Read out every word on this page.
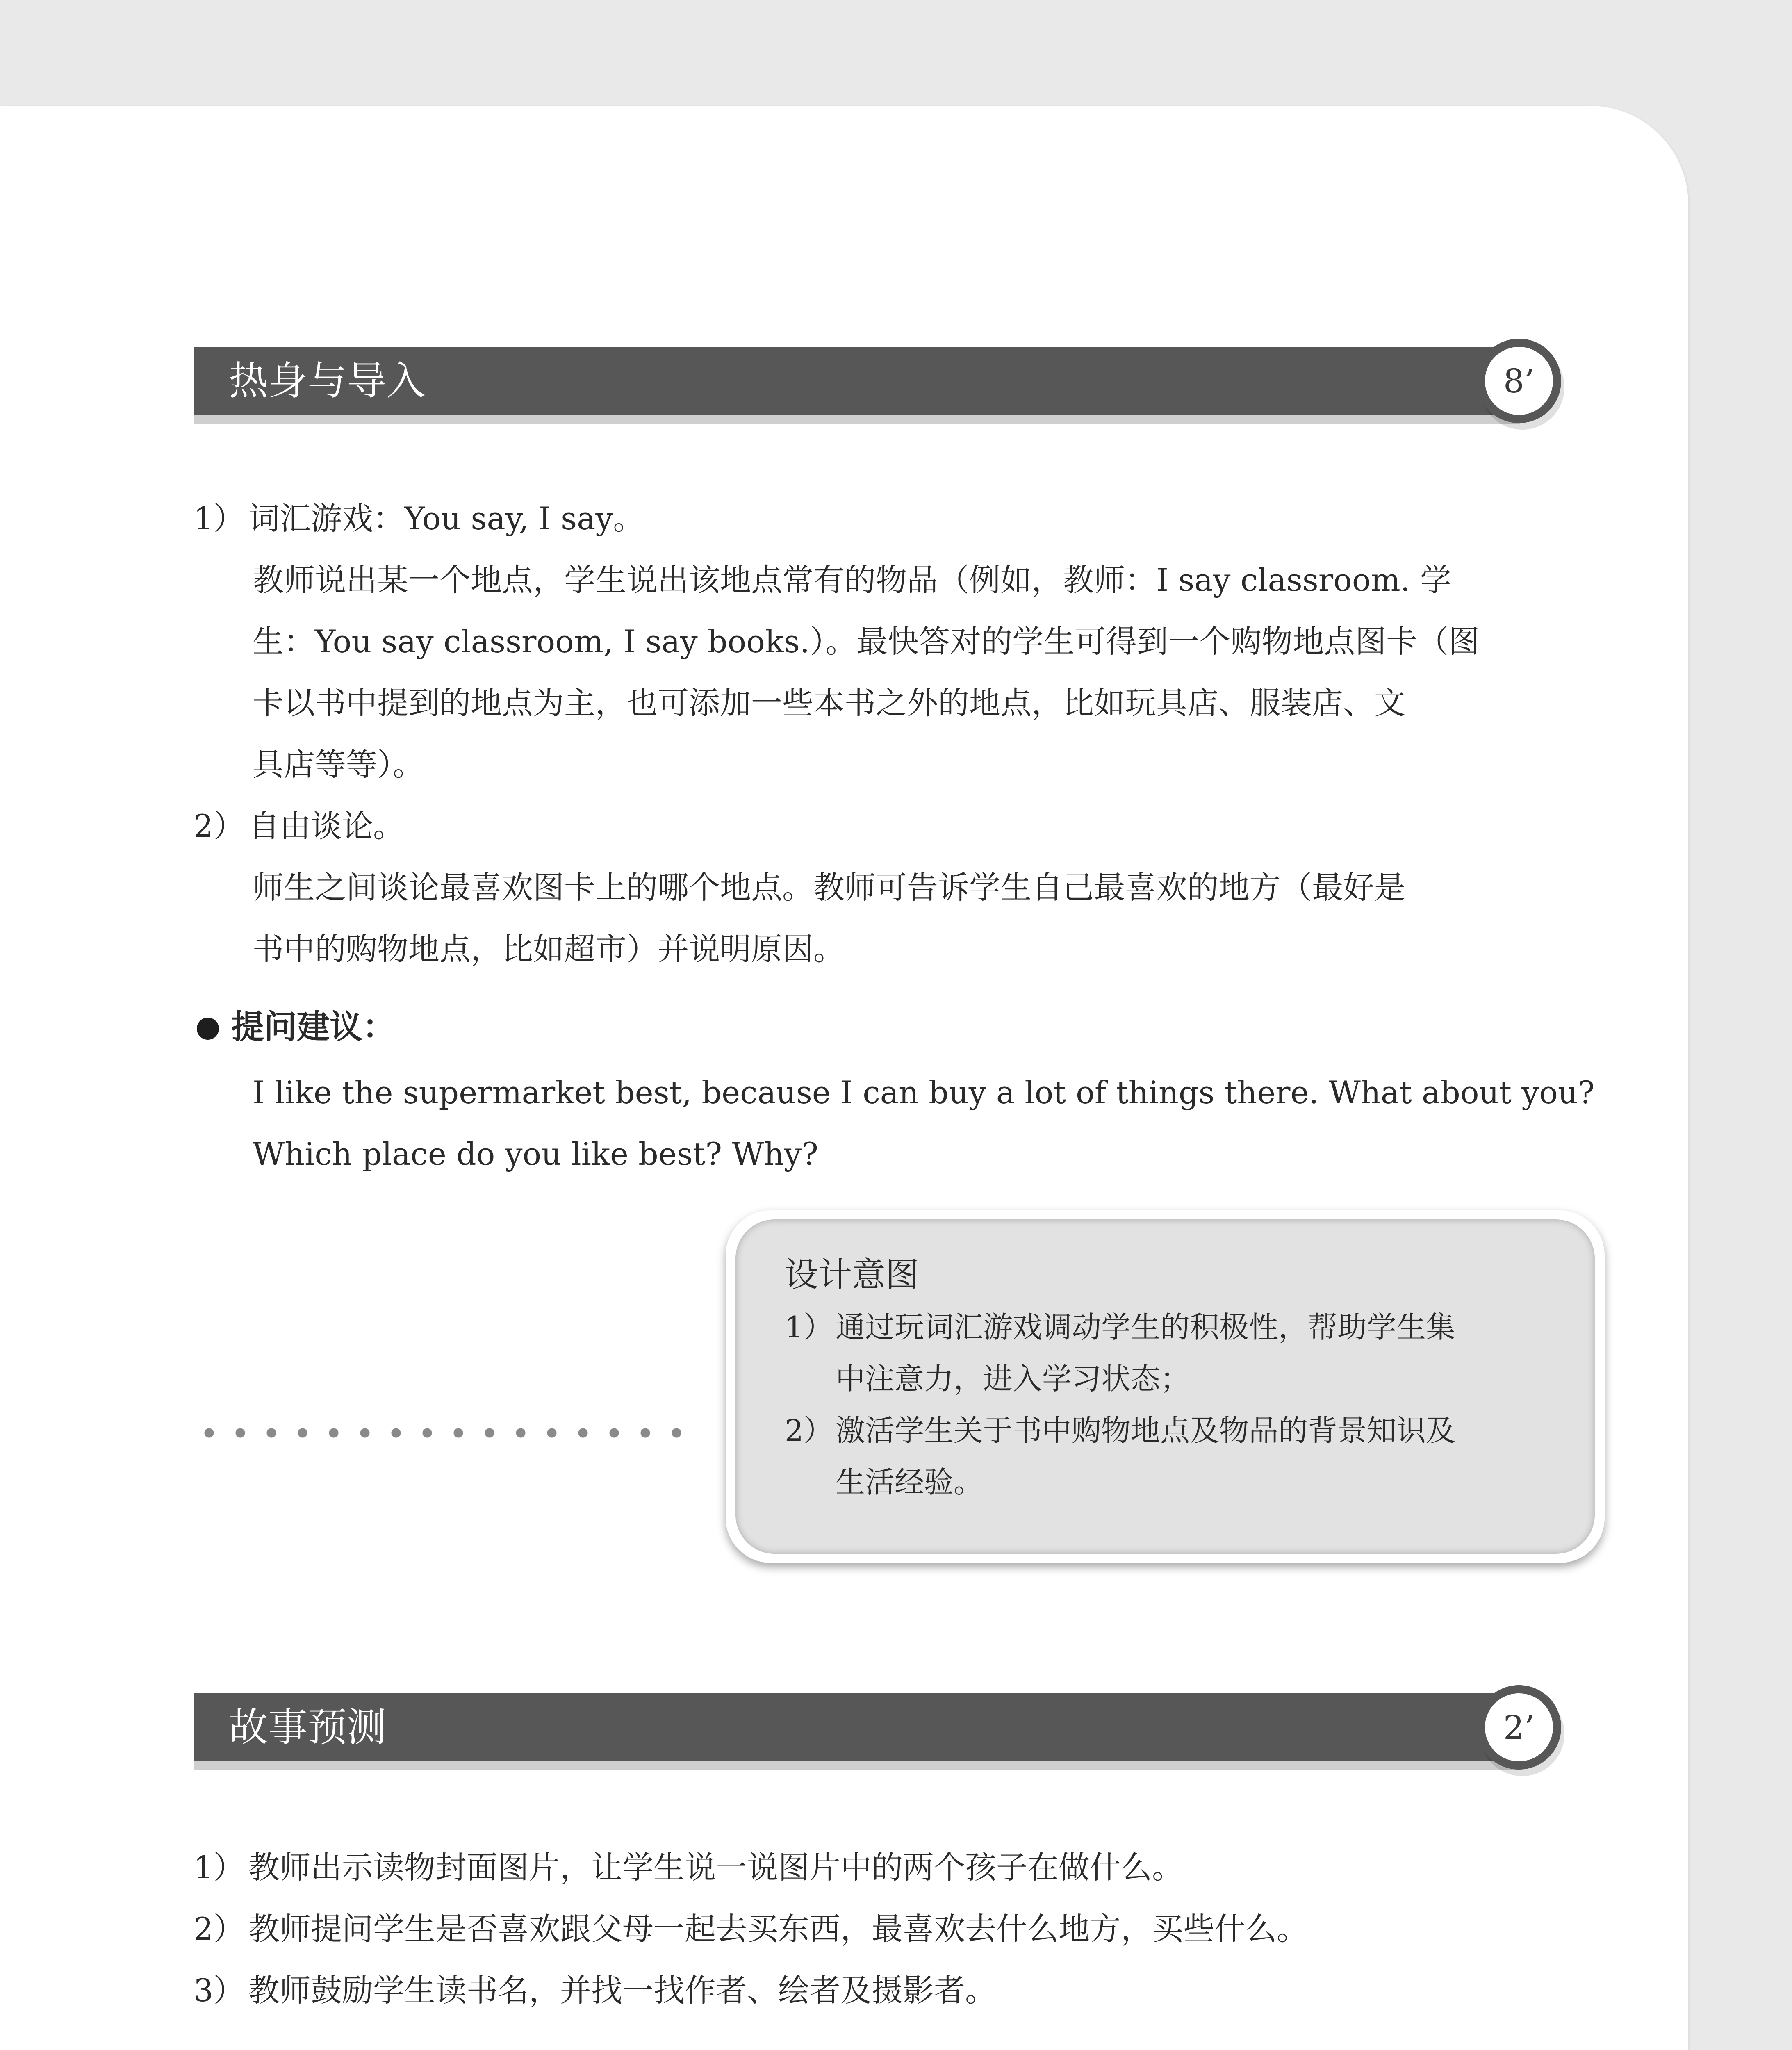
热身与导入	8’
1） 词汇游戏：You say, I say。
教师说出某一个地点，学生说出该地点常有的物品（例如，教师：I say classroom. 学
生：You say classroom, I say books.）。最快答对的学生可得到一个购物地点图卡（图
卡以书中提到的地点为主，也可添加一些本书之外的地点，比如玩具店、服装店、文
具店等等）。
2） 自由谈论。
师生之间谈论最喜欢图卡上的哪个地点。教师可告诉学生自己最喜欢的地方（最好是
书中的购物地点，比如超市）并说明原因。
提问建议：
I like the supermarket best, because I can buy a lot of things there. What about you?
Which place do you like best? Why?
设计意图
1） 通过玩词汇游戏调动学生的积极性，帮助学生集
中注意力，进入学习状态；
2） 激活学生关于书中购物地点及物品的背景知识及
生活经验。
故事预测	2’
1） 教师出示读物封面图片，让学生说一说图片中的两个孩子在做什么。
2） 教师提问学生是否喜欢跟父母一起去买东西，最喜欢去什么地方，买些什么。
3） 教师鼓励学生读书名，并找一找作者、绘者及摄影者。
